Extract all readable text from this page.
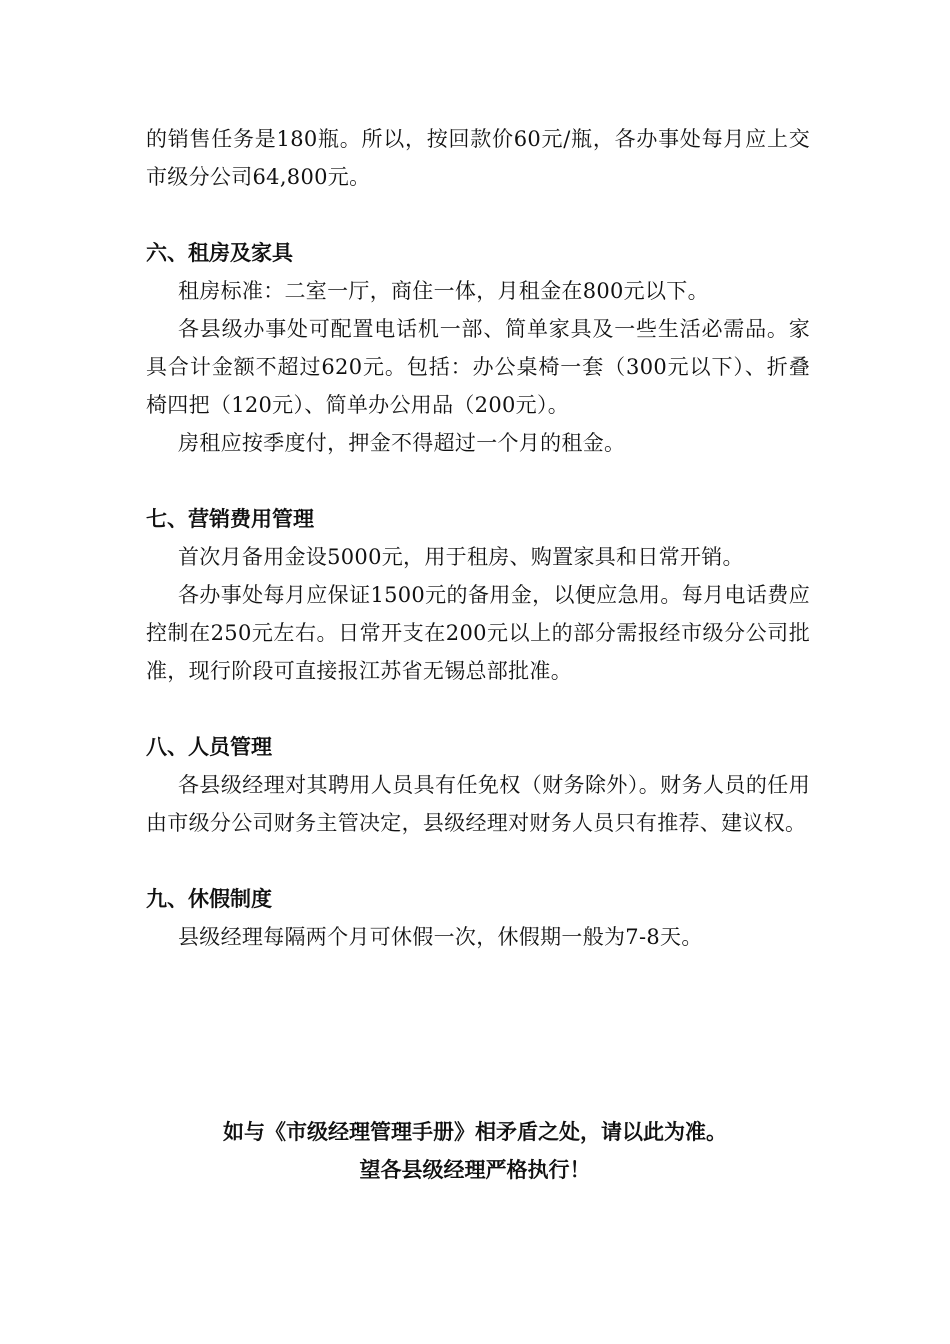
的销售任务是180瓶。所以，按回款价60元/瓶，各办事处每月应上交市级分公司64,800元。

六、租房及家具

租房标准：二室一厅，商住一体，月租金在800元以下。

各县级办事处可配置电话机一部、简单家具及一些生活必需品。家具合计金额不超过620元。包括：办公桌椅一套（300元以下）、折叠椅四把（120元）、简单办公用品（200元）。

房租应按季度付，押金不得超过一个月的租金。

七、营销费用管理

首次月备用金设5000元，用于租房、购置家具和日常开销。

各办事处每月应保证1500元的备用金，以便应急用。每月电话费应控制在250元左右。日常开支在200元以上的部分需报经市级分公司批准，现行阶段可直接报江苏省无锡总部批准。

八、人员管理

各县级经理对其聘用人员具有任免权（财务除外）。财务人员的任用由市级分公司财务主管决定，县级经理对财务人员只有推荐、建议权。

九、休假制度

县级经理每隔两个月可休假一次，休假期一般为7-8天。

如与《市级经理管理手册》相矛盾之处，请以此为准。

望各县级经理严格执行！
